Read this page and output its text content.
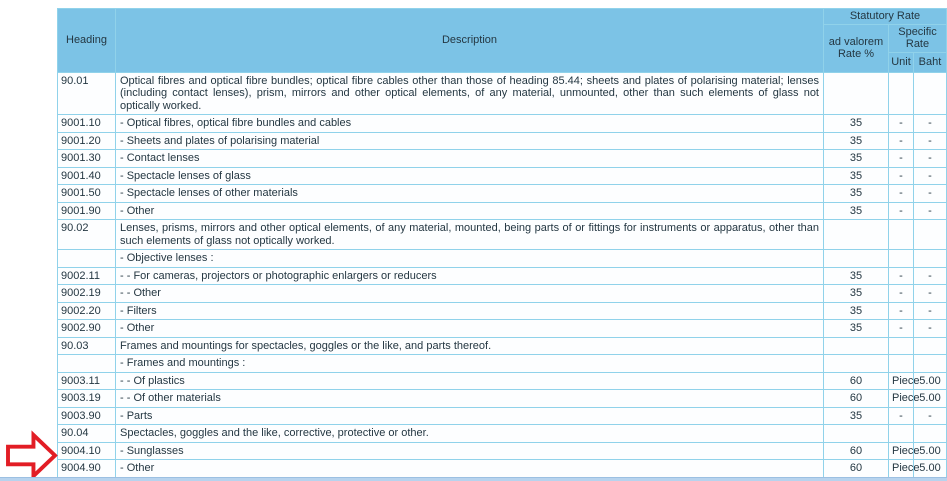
Heading	Description	Statutory Rate		
		ad valorem Rate %	Specific Rate	
			Unit	Baht
90.01	Optical fibres and optical fibre bundles; optical fibre cables other than those of heading 85.44; sheets and plates of polarising material; lenses (including contact lenses), prism, mirrors and other optical elements, of any material, unmounted, other than such elements of glass not optically worked.			
9001.10	- Optical fibres, optical fibre bundles and cables	35	-	-
9001.20	- Sheets and plates of polarising material	35	-	-
9001.30	- Contact lenses	35	-	-
9001.40	- Spectacle lenses of glass	35	-	-
9001.50	- Spectacle lenses of other materials	35	-	-
9001.90	- Other	35	-	-
90.02	Lenses, prisms, mirrors and other optical elements, of any material, mounted, being parts of or fittings for instruments or apparatus, other than such elements of glass not optically worked.			
	- Objective lenses :			
9002.11	- - For cameras, projectors or photographic enlargers or reducers	35	-	-
9002.19	- - Other	35	-	-
9002.20	- Filters	35	-	-
9002.90	- Other	35	-	-
90.03	Frames and mountings for spectacles, goggles or the like, and parts thereof.			
	- Frames and mountings :			
9003.11	- - Of plastics	60	Piece	5.00
9003.19	- - Of other materials	60	Piece	5.00
9003.90	- Parts	35	-	-
90.04	Spectacles, goggles and the like, corrective, protective or other.			
9004.10	- Sunglasses	60	Piece	5.00
9004.90	- Other	60	Piece	5.00
